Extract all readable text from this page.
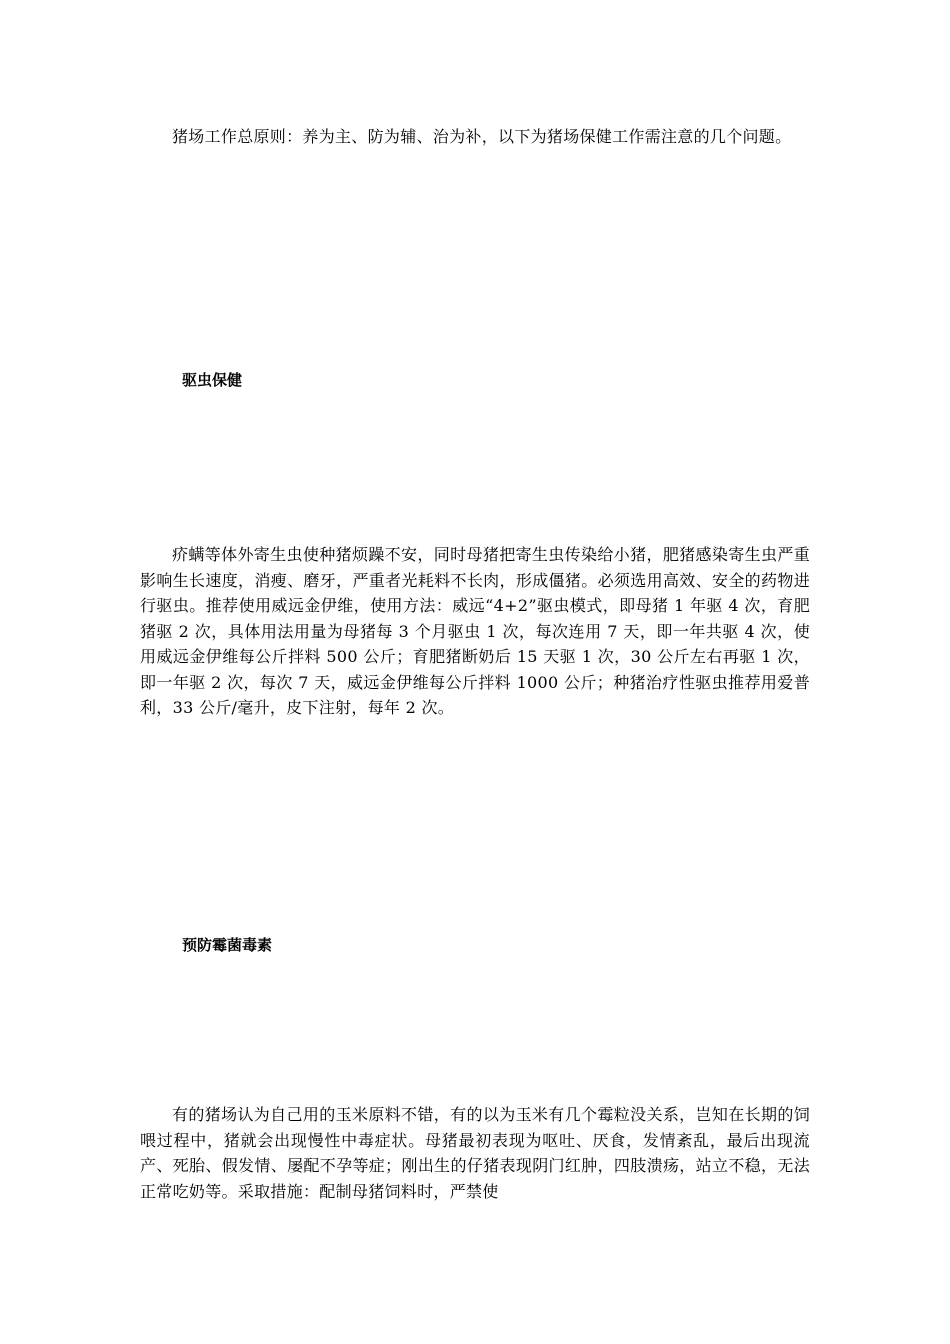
猪场工作总原则：养为主、防为辅、治为补，以下为猪场保健工作需注意的几个问题。

驱虫保健

疥螨等体外寄生虫使种猪烦躁不安，同时母猪把寄生虫传染给小猪，肥猪感染寄生虫严重影响生长速度，消瘦、磨牙，严重者光耗料不长肉，形成僵猪。必须选用高效、安全的药物进行驱虫。推荐使用威远金伊维，使用方法：威远“4+2”驱虫模式，即母猪 1 年驱 4 次，育肥猪驱 2 次，具体用法用量为母猪每 3 个月驱虫 1 次，每次连用 7 天，即一年共驱 4 次，使用威远金伊维每公斤拌料 500 公斤；育肥猪断奶后 15 天驱 1 次，30 公斤左右再驱 1 次，即一年驱 2 次，每次 7 天，威远金伊维每公斤拌料 1000 公斤；种猪治疗性驱虫推荐用爱普利，33 公斤/毫升，皮下注射，每年 2 次。

预防霉菌毒素

有的猪场认为自己用的玉米原料不错，有的以为玉米有几个霉粒没关系，岂知在长期的饲喂过程中，猪就会出现慢性中毒症状。母猪最初表现为呕吐、厌食，发情紊乱，最后出现流产、死胎、假发情、屡配不孕等症；刚出生的仔猪表现阴门红肿，四肢溃疡，站立不稳，无法正常吃奶等。采取措施：配制母猪饲料时，严禁使
